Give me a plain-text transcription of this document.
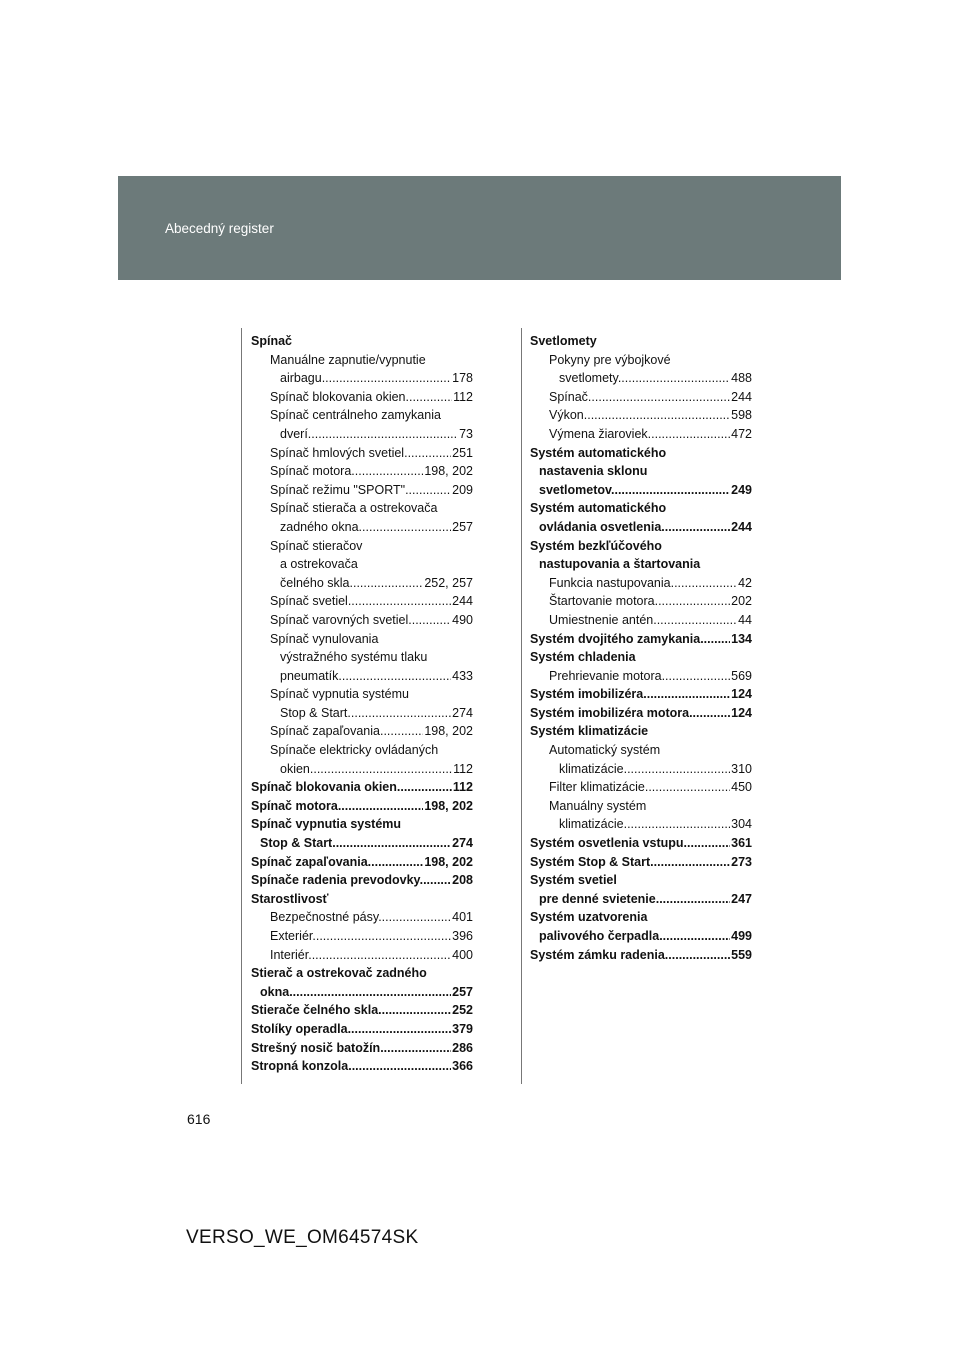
Abecedný register
Spínač
Manuálne zapnutie/vypnutie
airbagu .....	178
Spínač blokovania okien .....	112
Spínač centrálneho zamykania
dverí .....	73
Spínač hmlových svetiel .....	251
Spínač motora .....	198, 202
Spínač režimu "SPORT" .....	209
Spínač stierača a ostrekovača
zadného okna .....	257
Spínač stieračov
a ostrekovača
čelného skla .....	252, 257
Spínač svetiel .....	244
Spínač varovných svetiel .....	490
Spínač vynulovania
výstražného systému tlaku
pneumatík .....	433
Spínač vypnutia systému
Stop & Start .....	274
Spínač zapaľovania .....	198, 202
Spínače elektricky ovládaných
okien .....	112
Spínač blokovania okien .....	112
Spínač motora .....	198, 202
Spínač vypnutia systému
Stop & Start .....	274
Spínač zapaľovania .....	198, 202
Spínače radenia prevodovky .....	208
Starostlivosť
Bezpečnostné pásy .....	401
Exteriér .....	396
Interiér .....	400
Stierač a ostrekovač zadného
okna .....	257
Stierače čelného skla .....	252
Stolíky operadla .....	379
Strešný nosič batožín .....	286
Stropná konzola .....	366
Svetlomety
Pokyny pre výbojkové
svetlomety .....	488
Spínač .....	244
Výkon .....	598
Výmena žiaroviek .....	472
Systém automatického
nastavenia sklonu
svetlometov .....	249
Systém automatického
ovládania osvetlenia .....	244
Systém bezkľúčového
nastupovania a štartovania
Funkcia nastupovania .....	42
Štartovanie motora .....	202
Umiestnenie antén .....	44
Systém dvojitého zamykania .....	134
Systém chladenia
Prehrievanie motora .....	569
Systém imobilizéra .....	124
Systém imobilizéra motora .....	124
Systém klimatizácie
Automatický systém
klimatizácie .....	310
Filter klimatizácie .....	450
Manuálny systém
klimatizácie .....	304
Systém osvetlenia vstupu .....	361
Systém Stop & Start .....	273
Systém svetiel
pre denné svietenie .....	247
Systém uzatvorenia
palivového čerpadla .....	499
Systém zámku radenia .....	559
616
VERSO_WE_OM64574SK
